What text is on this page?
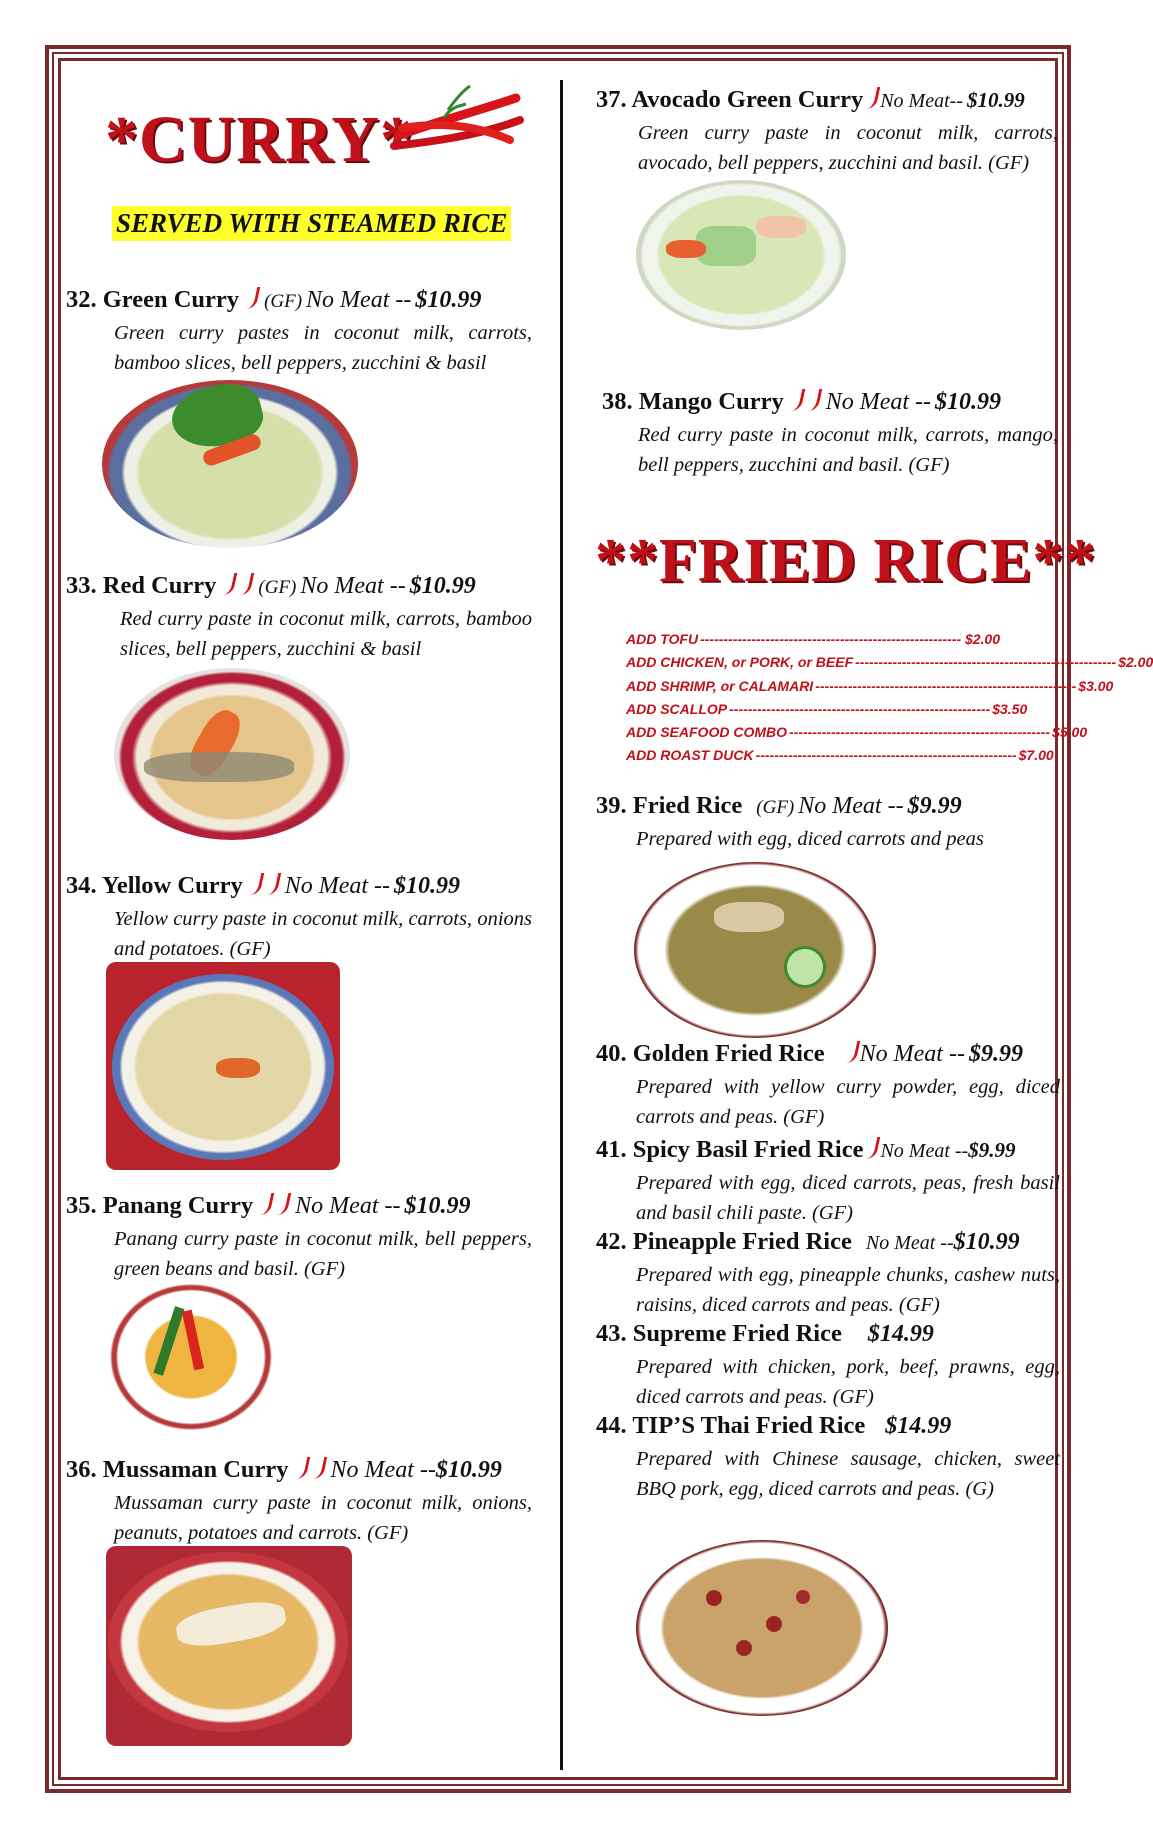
*CURRY*
SERVED WITH STEAMED RICE
32. Green Curry (GF) No Meat -- $10.99
Green curry pastes in coconut milk, carrots, bamboo slices, bell peppers, zucchini & basil
33. Red Curry (GF) No Meat -- $10.99
Red curry paste in coconut milk, carrots, bamboo slices, bell peppers, zucchini & basil
34. Yellow Curry No Meat -- $10.99
Yellow curry paste in coconut milk, carrots, onions and potatoes. (GF)
35. Panang Curry No Meat -- $10.99
Panang curry paste in coconut milk, bell peppers, green beans and basil. (GF)
36. Mussaman Curry No Meat --$10.99
Mussaman curry paste in coconut milk, onions, peanuts, potatoes and carrots. (GF)
37. Avocado Green Curry No Meat-- $10.99
Green curry paste in coconut milk, carrots, avocado, bell peppers, zucchini and basil. (GF)
38. Mango Curry No Meat -- $10.99
Red curry paste in coconut milk, carrots, mango, bell peppers, zucchini and basil. (GF)
**FRIED RICE**
ADD TOFU -------------------------------------------------------- $2.00
ADD CHICKEN, or PORK, or BEEF -------------------------------------------------------- $2.00
ADD SHRIMP, or CALAMARI -------------------------------------------------------- $3.00
ADD SCALLOP -------------------------------------------------------- $3.50
ADD SEAFOOD COMBO -------------------------------------------------------- $5.00
ADD ROAST DUCK -------------------------------------------------------- $7.00
39. Fried Rice (GF) No Meat -- $9.99
Prepared with egg, diced carrots and peas
40. Golden Fried Rice No Meat -- $9.99
Prepared with yellow curry powder, egg, diced carrots and peas. (GF)
41. Spicy Basil Fried Rice No Meat --$9.99
Prepared with egg, diced carrots, peas, fresh basil and basil chili paste. (GF)
42. Pineapple Fried Rice No Meat --$10.99
Prepared with egg, pineapple chunks, cashew nuts, raisins, diced carrots and peas. (GF)
43. Supreme Fried Rice $14.99
Prepared with chicken, pork, beef, prawns, egg, diced carrots and peas. (GF)
44. TIP’S Thai Fried Rice $14.99
Prepared with Chinese sausage, chicken, sweet BBQ pork, egg, diced carrots and peas. (G)
